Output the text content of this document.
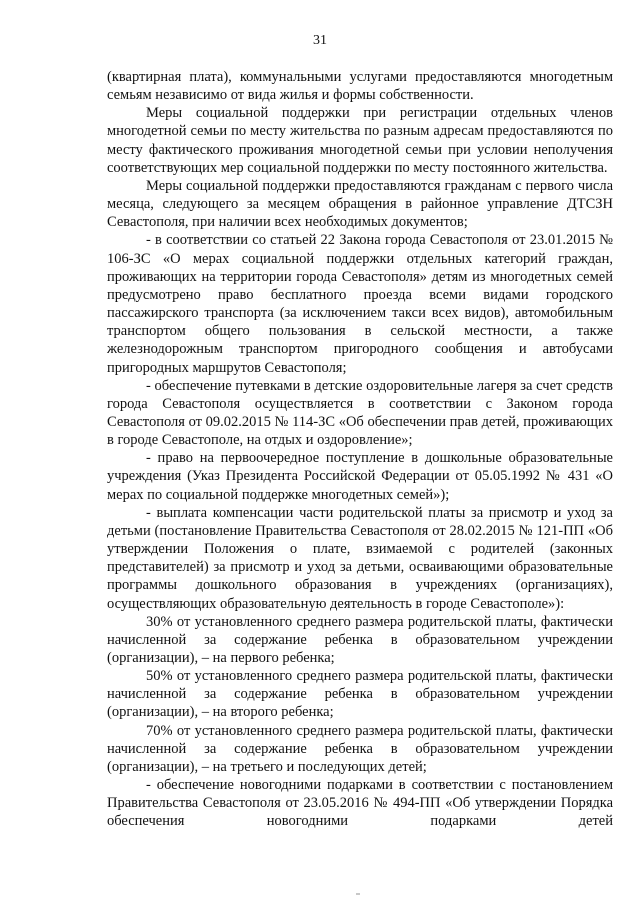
31

(квартирная плата), коммунальными услугами предоставляются многодетным семьям независимо от вида жилья и формы собственности.

Меры социальной поддержки при регистрации отдельных членов многодетной семьи по месту жительства по разным адресам предоставляются по месту фактического проживания многодетной семьи при условии неполучения соответствующих мер социальной поддержки по месту постоянного жительства.

Меры социальной поддержки предоставляются гражданам с первого числа месяца, следующего за месяцем обращения в районное управление ДТСЗН Севастополя, при наличии всех необходимых документов;

- в соответствии со статьей 22 Закона города Севастополя от 23.01.2015 № 106-ЗС «О мерах социальной поддержки отдельных категорий граждан, проживающих на территории города Севастополя» детям из многодетных семей предусмотрено право бесплатного проезда всеми видами городского пассажирского транспорта (за исключением такси всех видов), автомобильным транспортом общего пользования в сельской местности, а также железнодорожным транспортом пригородного сообщения и автобусами пригородных маршрутов Севастополя;

- обеспечение путевками в детские оздоровительные лагеря за счет средств города Севастополя осуществляется в соответствии с Законом города Севастополя от 09.02.2015 № 114-ЗС «Об обеспечении прав детей, проживающих в городе Севастополе, на отдых и оздоровление»;

- право на первоочередное поступление в дошкольные образовательные учреждения (Указ Президента Российской Федерации от 05.05.1992 № 431 «О мерах по социальной поддержке многодетных семей»);

- выплата компенсации части родительской платы за присмотр и уход за детьми (постановление Правительства Севастополя от 28.02.2015 № 121-ПП «Об утверждении Положения о плате, взимаемой с родителей (законных представителей) за присмотр и уход за детьми, осваивающими образовательные программы дошкольного образования в учреждениях (организациях), осуществляющих образовательную деятельность в городе Севастополе»):

30% от установленного среднего размера родительской платы, фактически начисленной за содержание ребенка в образовательном учреждении (организации), – на первого ребенка;

50% от установленного среднего размера родительской платы, фактически начисленной за содержание ребенка в образовательном учреждении (организации), – на второго ребенка;

70% от установленного среднего размера родительской платы, фактически начисленной за содержание ребенка в образовательном учреждении (организации), – на третьего и последующих детей;

- обеспечение новогодними подарками в соответствии с постановлением Правительства Севастополя от 23.05.2016 № 494-ПП «Об утверждении Порядка обеспечения новогодними подарками детей
